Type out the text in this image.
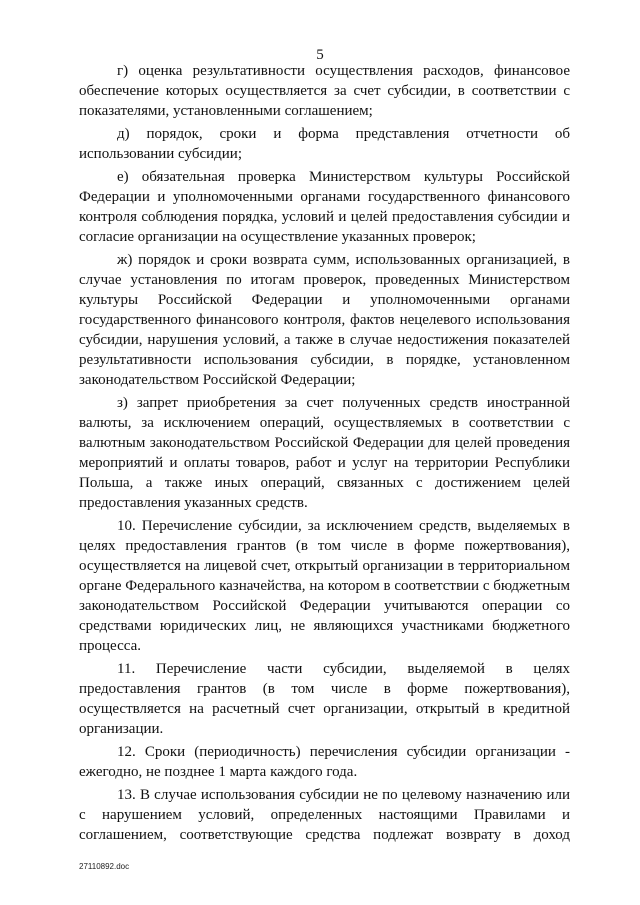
5

г) оценка результативности осуществления расходов, финансовое обеспечение которых осуществляется за счет субсидии, в соответствии с показателями, установленными соглашением;

д) порядок, сроки и форма представления отчетности об использовании субсидии;

е) обязательная проверка Министерством культуры Российской Федерации и уполномоченными органами государственного финансового контроля соблюдения порядка, условий и целей предоставления субсидии и согласие организации на осуществление указанных проверок;

ж) порядок и сроки возврата сумм, использованных организацией, в случае установления по итогам проверок, проведенных Министерством культуры Российской Федерации и уполномоченными органами государственного финансового контроля, фактов нецелевого использования субсидии, нарушения условий, а также в случае недостижения показателей результативности использования субсидии, в порядке, установленном законодательством Российской Федерации;

з) запрет приобретения за счет полученных средств иностранной валюты, за исключением операций, осуществляемых в соответствии с валютным законодательством Российской Федерации для целей проведения мероприятий и оплаты товаров, работ и услуг на территории Республики Польша, а также иных операций, связанных с достижением целей предоставления указанных средств.

10. Перечисление субсидии, за исключением средств, выделяемых в целях предоставления грантов (в том числе в форме пожертвования), осуществляется на лицевой счет, открытый организации в территориальном органе Федерального казначейства, на котором в соответствии с бюджетным законодательством Российской Федерации учитываются операции со средствами юридических лиц, не являющихся участниками бюджетного процесса.

11. Перечисление части субсидии, выделяемой в целях предоставления грантов (в том числе в форме пожертвования), осуществляется на расчетный счет организации, открытый в кредитной организации.

12. Сроки (периодичность) перечисления субсидии организации - ежегодно, не позднее 1 марта каждого года.

13. В случае использования субсидии не по целевому назначению или с нарушением условий, определенных настоящими Правилами и соглашением, соответствующие средства подлежат возврату в доход

27110892.doc
